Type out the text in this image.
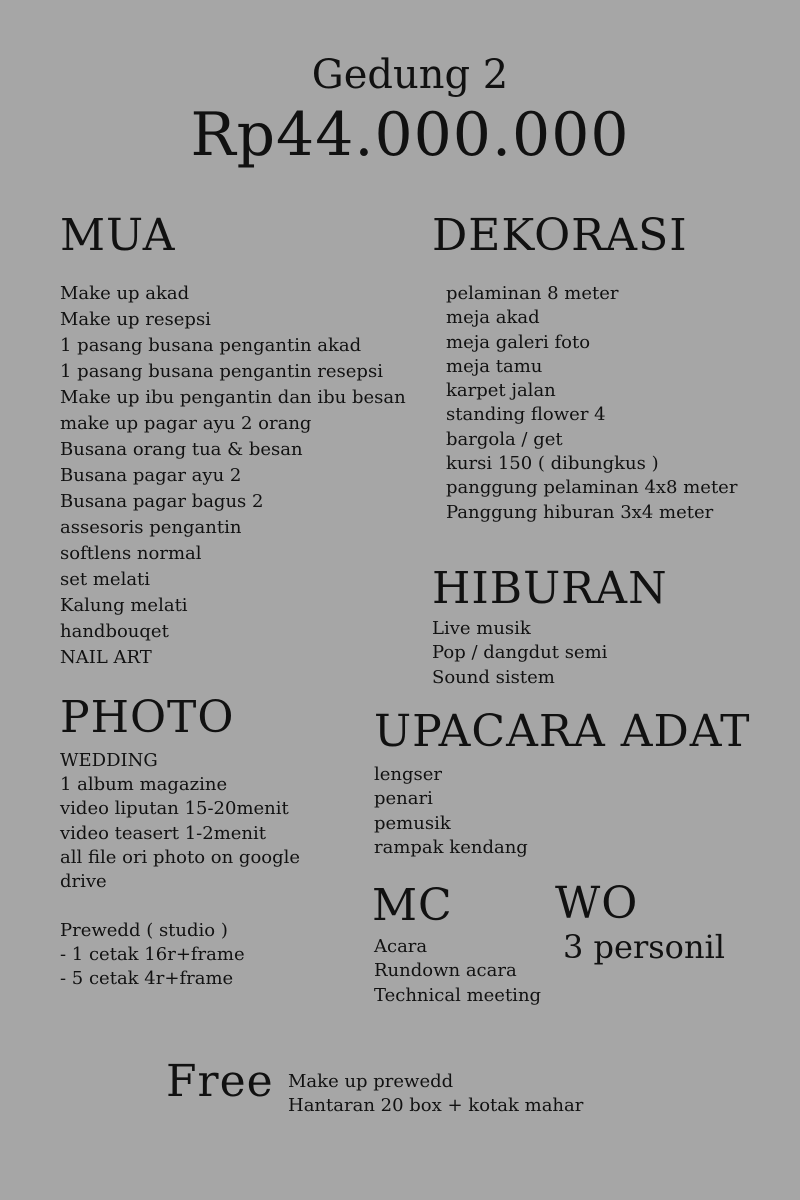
Gedung 2
Rp44.000.000
MUA
Make up akad
Make up resepsi
1 pasang busana pengantin akad
1 pasang busana pengantin resepsi
Make up ibu pengantin dan ibu besan
make up pagar ayu 2 orang
Busana orang tua & besan
Busana pagar ayu 2
Busana pagar bagus 2
assesoris pengantin
softlens normal
set melati
Kalung melati
handbouqet
NAIL ART
DEKORASI
pelaminan 8 meter
meja akad
meja galeri foto
meja tamu
karpet jalan
standing flower 4
bargola / get
kursi 150 ( dibungkus )
panggung pelaminan 4x8 meter
Panggung hiburan 3x4 meter
HIBURAN
Live musik
Pop / dangdut semi
Sound sistem
PHOTO
WEDDING
1 album magazine
video liputan 15-20menit
video teasert 1-2menit
all file ori photo on google
drive
Prewedd ( studio )
- 1 cetak 16r+frame
- 5 cetak 4r+frame
UPACARA ADAT
lengser
penari
pemusik
rampak kendang
MC
Acara
Rundown acara
Technical meeting
WO
3 personil
Free Make up prewedd
Hantaran 20 box + kotak mahar
